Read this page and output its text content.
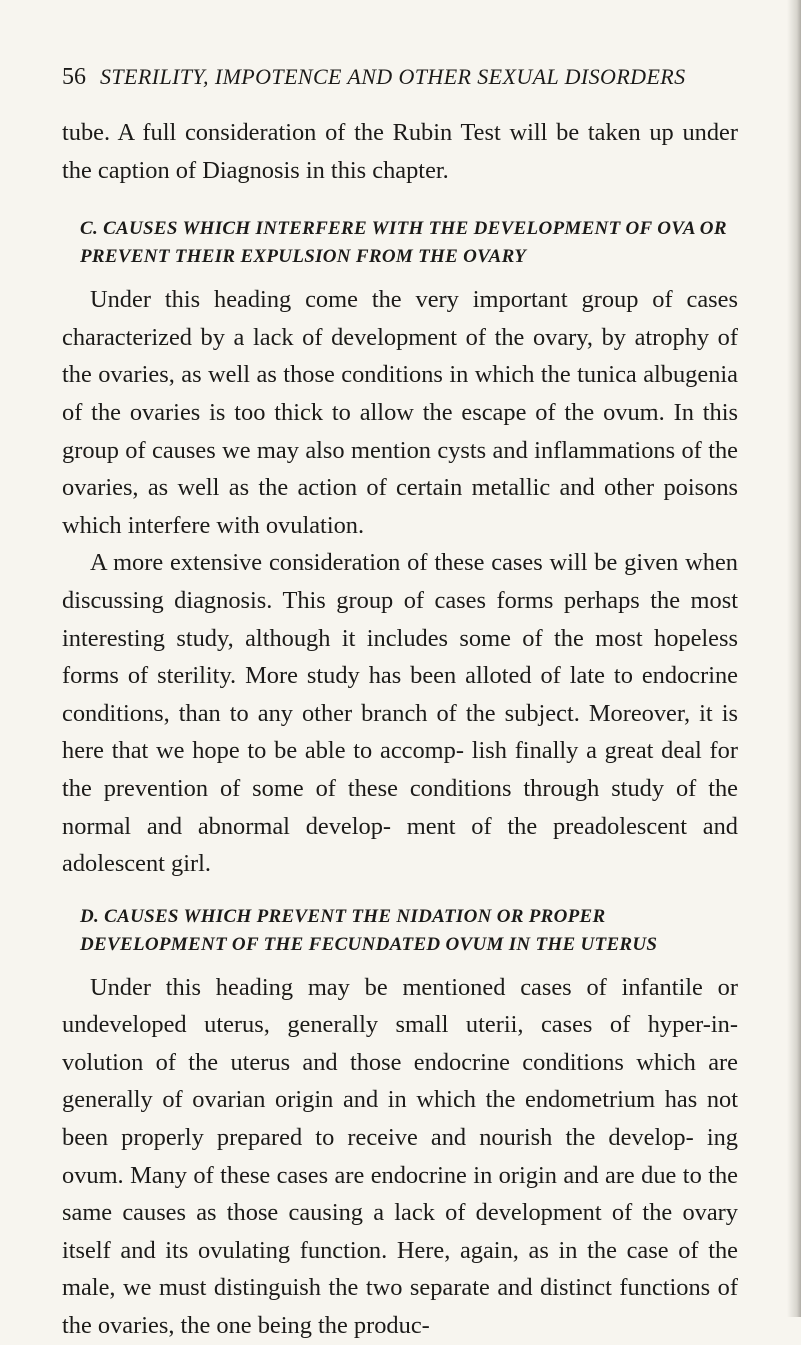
56 STERILITY, IMPOTENCE AND OTHER SEXUAL DISORDERS

tube. A full consideration of the Rubin Test will be taken up under the caption of Diagnosis in this chapter.

C. CAUSES WHICH INTERFERE WITH THE DEVELOPMENT OF OVA OR PREVENT THEIR EXPULSION FROM THE OVARY

Under this heading come the very important group of cases characterized by a lack of development of the ovary, by atrophy of the ovaries, as well as those conditions in which the tunica albugenia of the ovaries is too thick to allow the escape of the ovum. In this group of causes we may also mention cysts and inflammations of the ovaries, as well as the action of certain metallic and other poisons which interfere with ovulation.

A more extensive consideration of these cases will be given when discussing diagnosis. This group of cases forms perhaps the most interesting study, although it includes some of the most hopeless forms of sterility. More study has been alloted of late to endocrine conditions, than to any other branch of the subject. Moreover, it is here that we hope to be able to accomp- lish finally a great deal for the prevention of some of these conditions through study of the normal and abnormal develop- ment of the preadolescent and adolescent girl.

D. CAUSES WHICH PREVENT THE NIDATION OR PROPER DEVELOPMENT OF THE FECUNDATED OVUM IN THE UTERUS

Under this heading may be mentioned cases of infantile or undeveloped uterus, generally small uterii, cases of hyper-in- volution of the uterus and those endocrine conditions which are generally of ovarian origin and in which the endometrium has not been properly prepared to receive and nourish the develop- ing ovum. Many of these cases are endocrine in origin and are due to the same causes as those causing a lack of development of the ovary itself and its ovulating function. Here, again, as in the case of the male, we must distinguish the two separate and distinct functions of the ovaries, the one being the produc-
